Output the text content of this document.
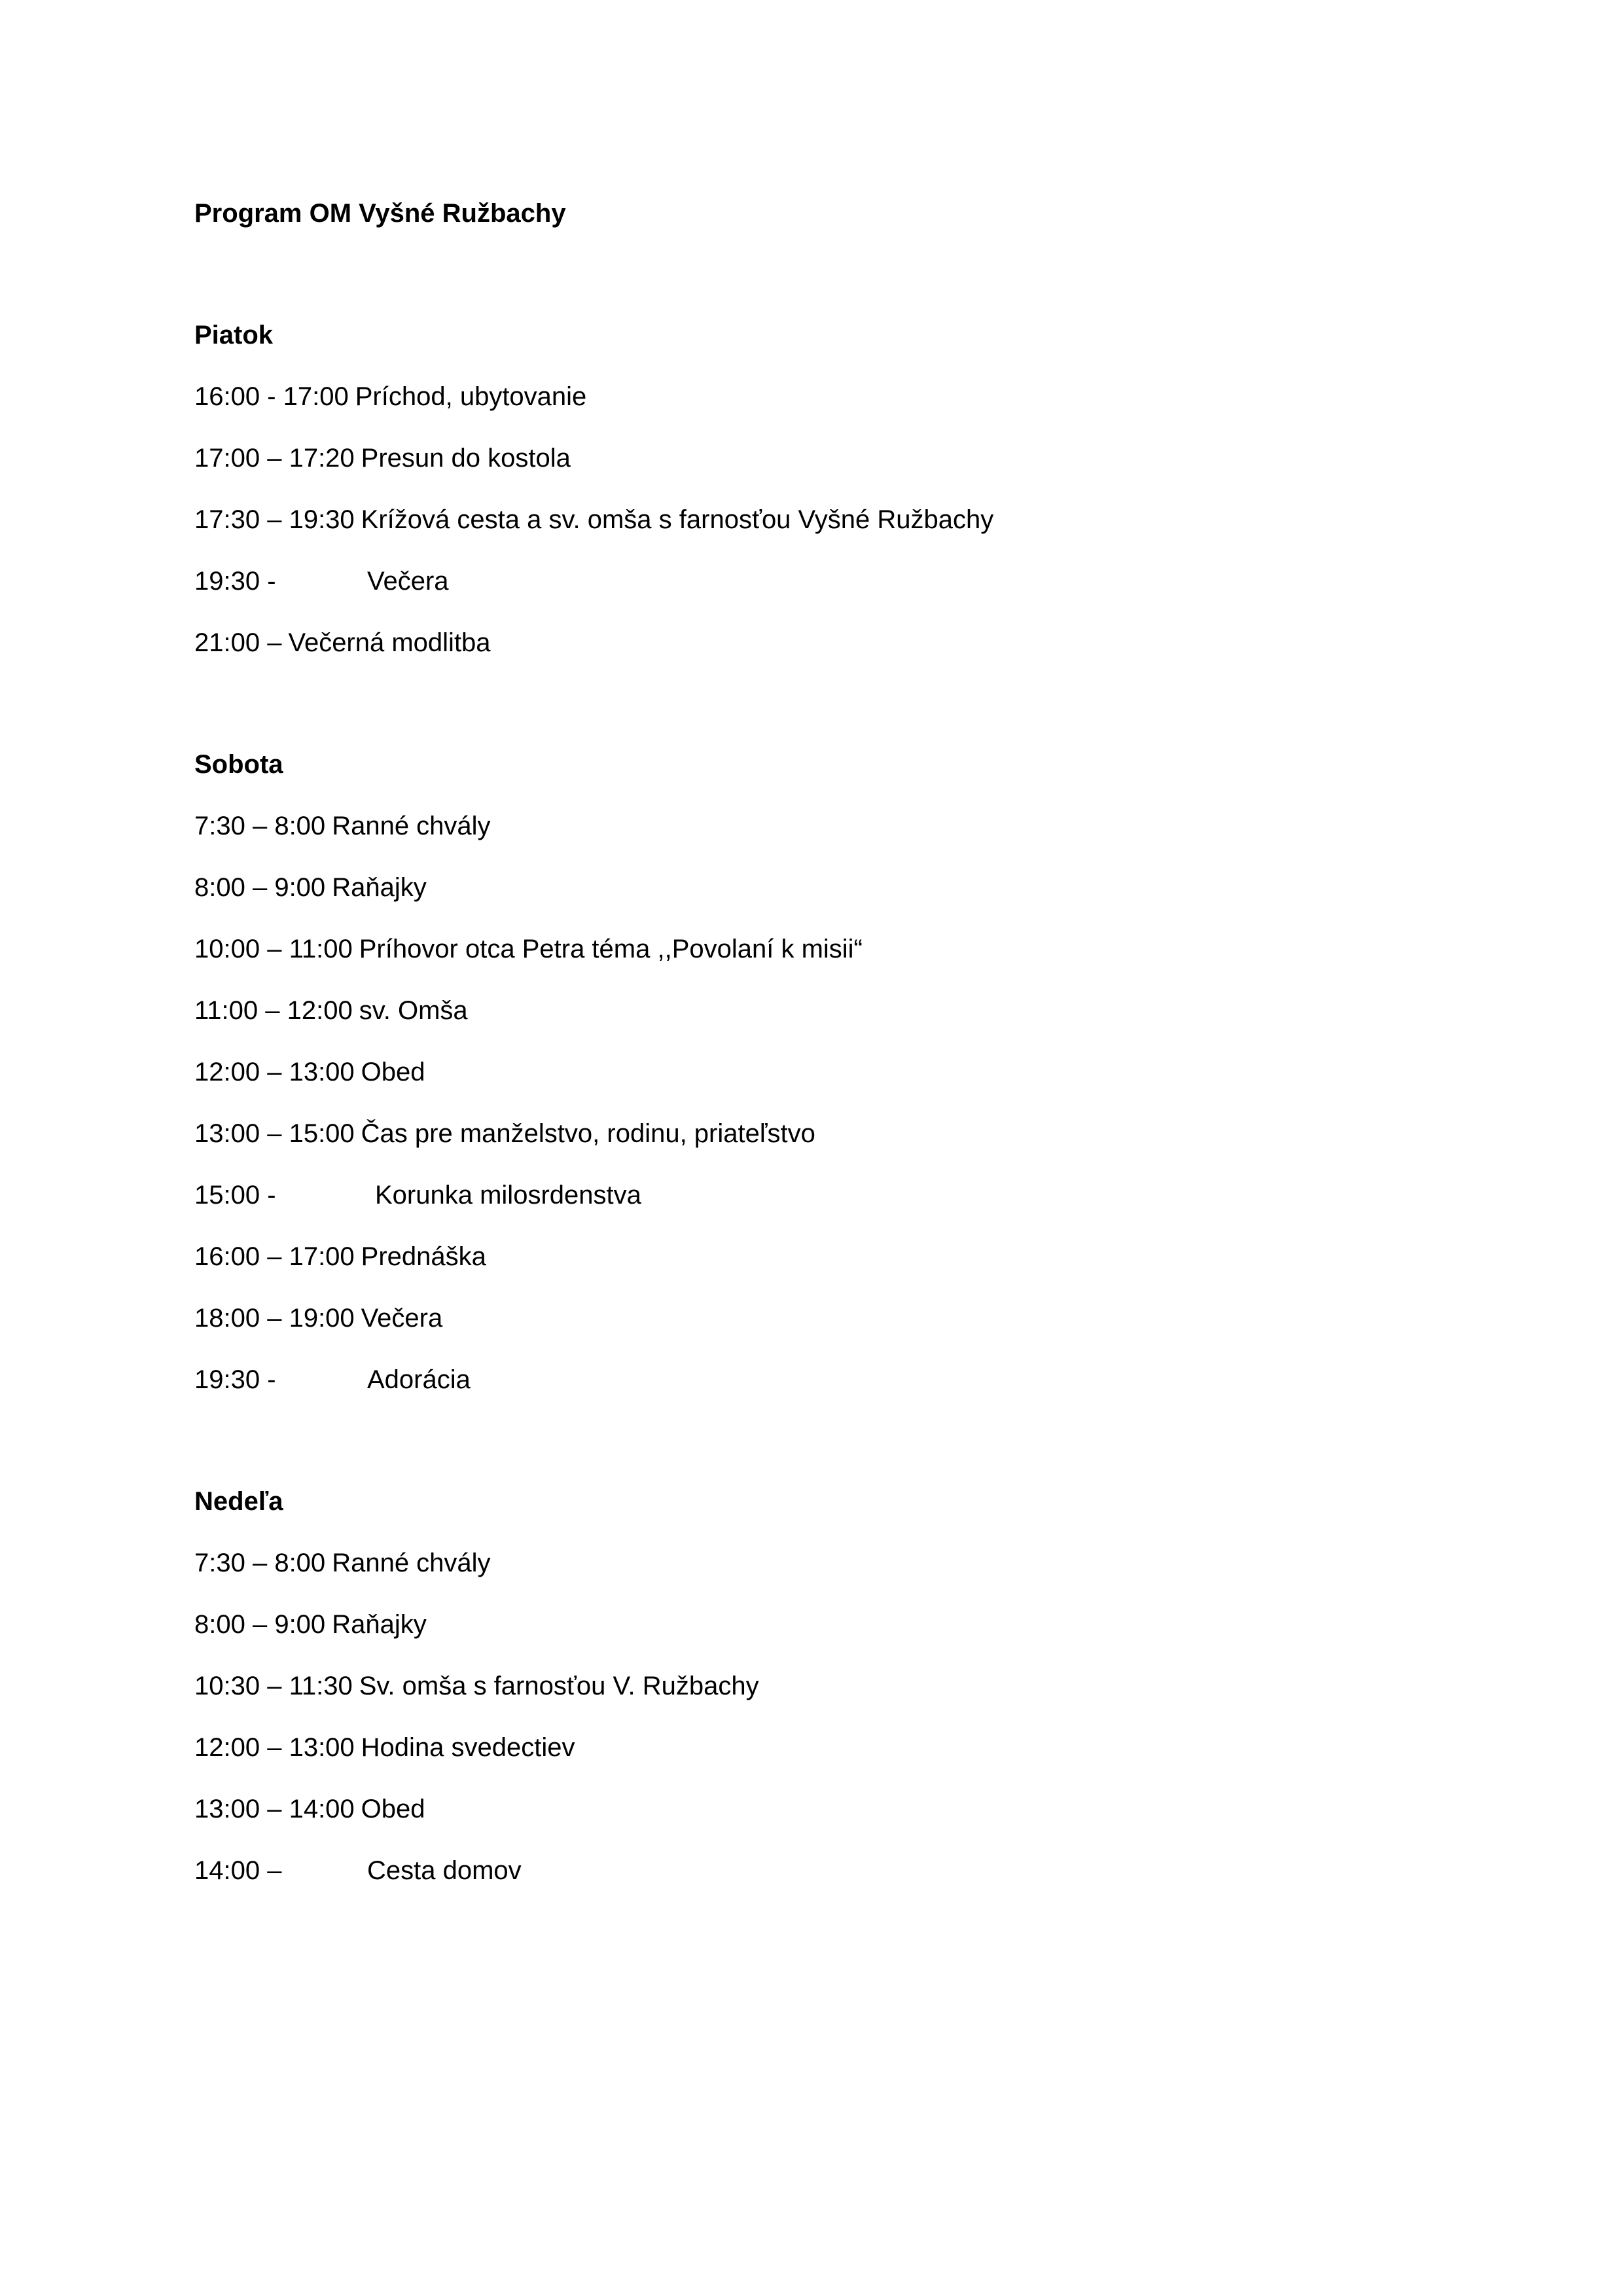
Program OM Vyšné Ružbachy
Piatok
16:00 - 17:00 Príchod, ubytovanie
17:00 – 17:20 Presun do kostola
17:30 – 19:30 Krížová cesta a sv. omša s farnosťou Vyšné Ružbachy
19:30 -	Večera
21:00 – Večerná modlitba
Sobota
7:30 – 8:00 Ranné chvály
8:00 – 9:00 Raňajky
10:00 – 11:00 Príhovor otca Petra téma ,,Povolaní k misii“
11:00 – 12:00 sv. Omša
12:00 – 13:00 Obed
13:00 – 15:00 Čas pre manželstvo, rodinu, priateľstvo
15:00 -	Korunka milosrdenstva
16:00 – 17:00 Prednáška
18:00 – 19:00 Večera
19:30 -	Adorácia
Nedeľa
7:30 – 8:00 Ranné chvály
8:00 – 9:00 Raňajky
10:30 – 11:30 Sv. omša s farnosťou V. Ružbachy
12:00 – 13:00 Hodina svedectiev
13:00 – 14:00 Obed
14:00 –	Cesta domov
